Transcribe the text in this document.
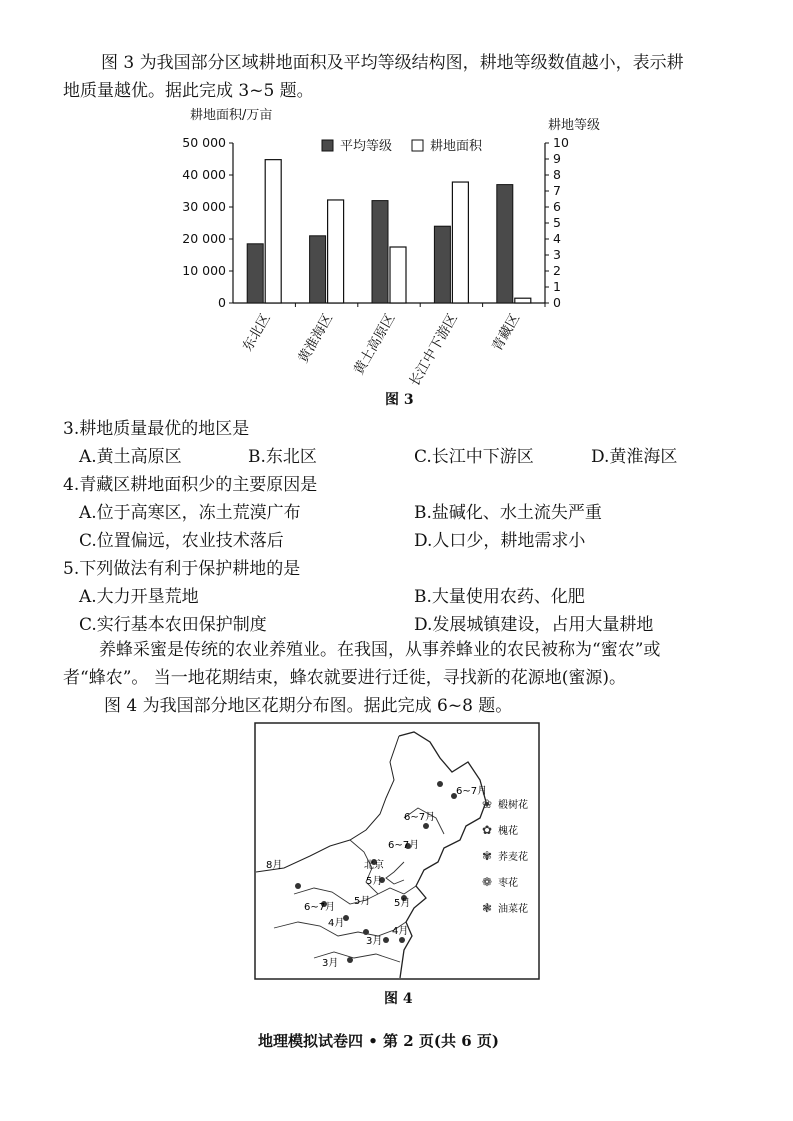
图 3 为我国部分区域耕地面积及平均等级结构图，耕地等级数值越小，表示耕
地质量越优。据此完成 3~5 题。
耕地面积/万亩
耕地等级
0
10 000
20 000
30 000
40 000
50 000
0
1
2
3
4
5
6
7
8
9
10
东北区 黄淮海区 黄土高原区 长江中下游区 青藏区
平均等级	耕地面积
图 3
3.耕地质量最优的地区是
A.黄土高原区	B.东北区	C.长江中下游区	D.黄淮海区
4.青藏区耕地面积少的主要原因是
A.位于高寒区，冻土荒漠广布	B.盐碱化、水土流失严重
C.位置偏远，农业技术落后	D.人口少，耕地需求小
5.下列做法有利于保护耕地的是
A.大力开垦荒地	B.大量使用农药、化肥
C.实行基本农田保护制度	D.发展城镇建设，占用大量耕地
养蜂采蜜是传统的农业养殖业。在我国，从事养蜂业的农民被称为“蜜农”或
者“蜂农”。 当一地花期结束，蜂农就要进行迁徙，寻找新的花源地(蜜源)。
图 4 为我国部分地区花期分布图。据此完成 6~8 题。
6~7月
6~7月
6~7月
北京
5月
8月
6~7月
5月 5月
4月
4月
3月
3月
❀ 椴树花
✿ 槐花
✾ 荞麦花
❁ 枣花
❃ 油菜花
图 4
地理模拟试卷四 • 第 2 页(共 6 页)
